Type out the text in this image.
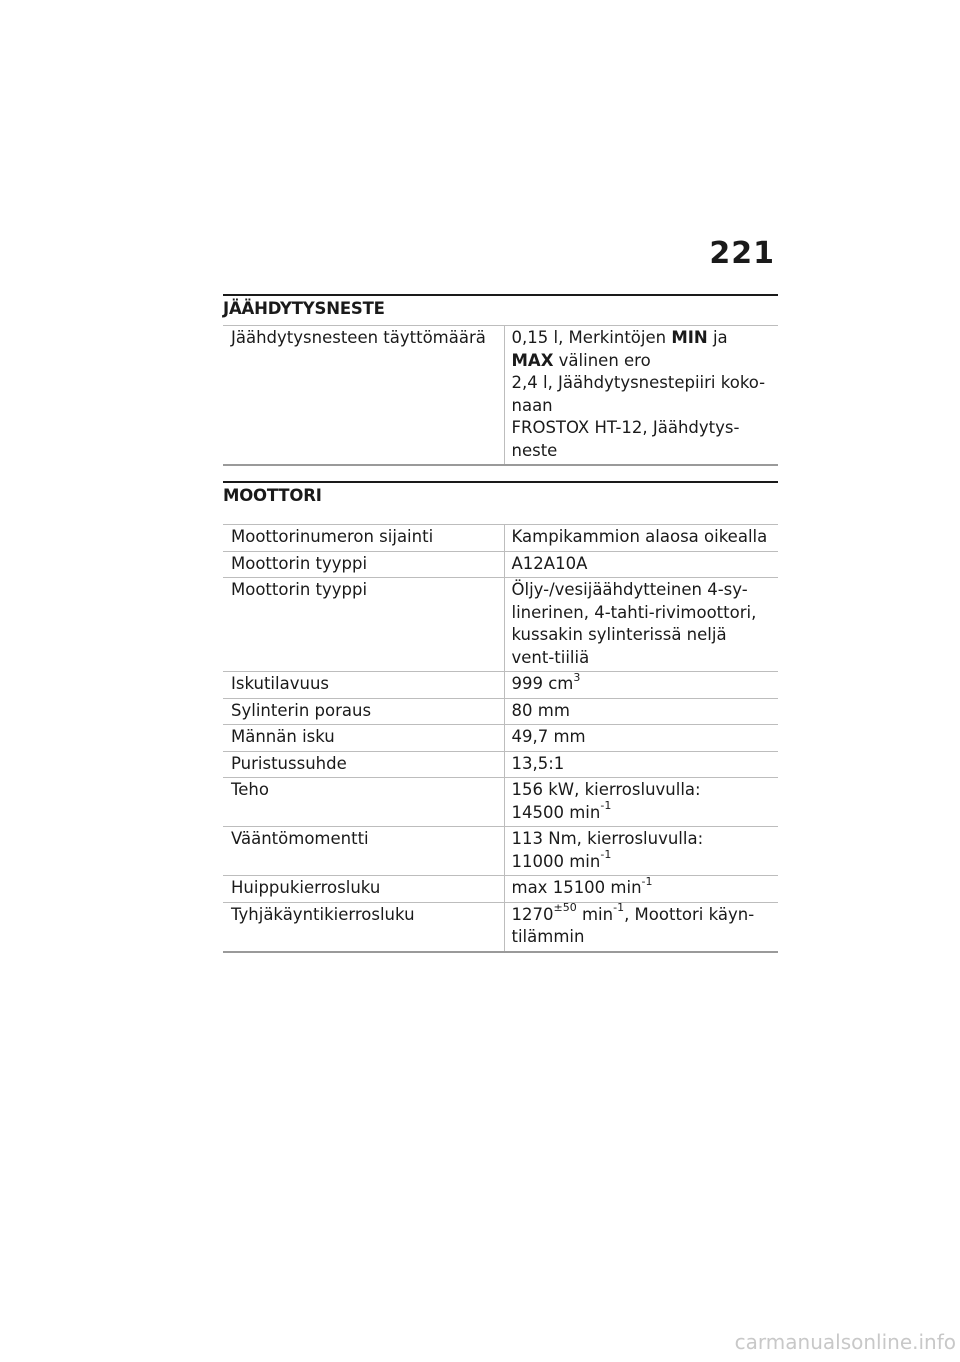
221
JÄÄHDYTYSNESTE
Jäähdytysnesteen täyttömäärä	0,15 l, Merkintöjen MIN ja
MAX välinen ero
2,4 l, Jäähdytysnestepiiri koko-naan
FROSTOX HT-12, Jäähdytys-neste
MOOTTORI
Moottorinumeron sijainti	Kampikammion alaosa oikealla
Moottorin tyyppi	A12A10A
Moottorin tyyppi	Öljy-/vesijäähdytteinen 4-sy-linerinen, 4-tahti-rivimoottori, kussakin sylinterissä neljä vent-tiiliä
Iskutilavuus	999 $cm^3$
Sylinterin poraus	80 mm
Männän isku	49,7 mm
Puristussuhde	13,5:1
Teho	156 kW, kierrosluvulla:
14500 $\min^{-1}$
Vääntömomentti	113 Nm, kierrosluvulla:
11000 $\min^{-1}$
Huippukierrosluku	max 15100 $\min^{-1}$
Tyhjäkäyntikierrosluku	$1270^{\pm 50}$ $\min^{-1}$, Moottori käyn-tilämmin
carmanualsonline.info
